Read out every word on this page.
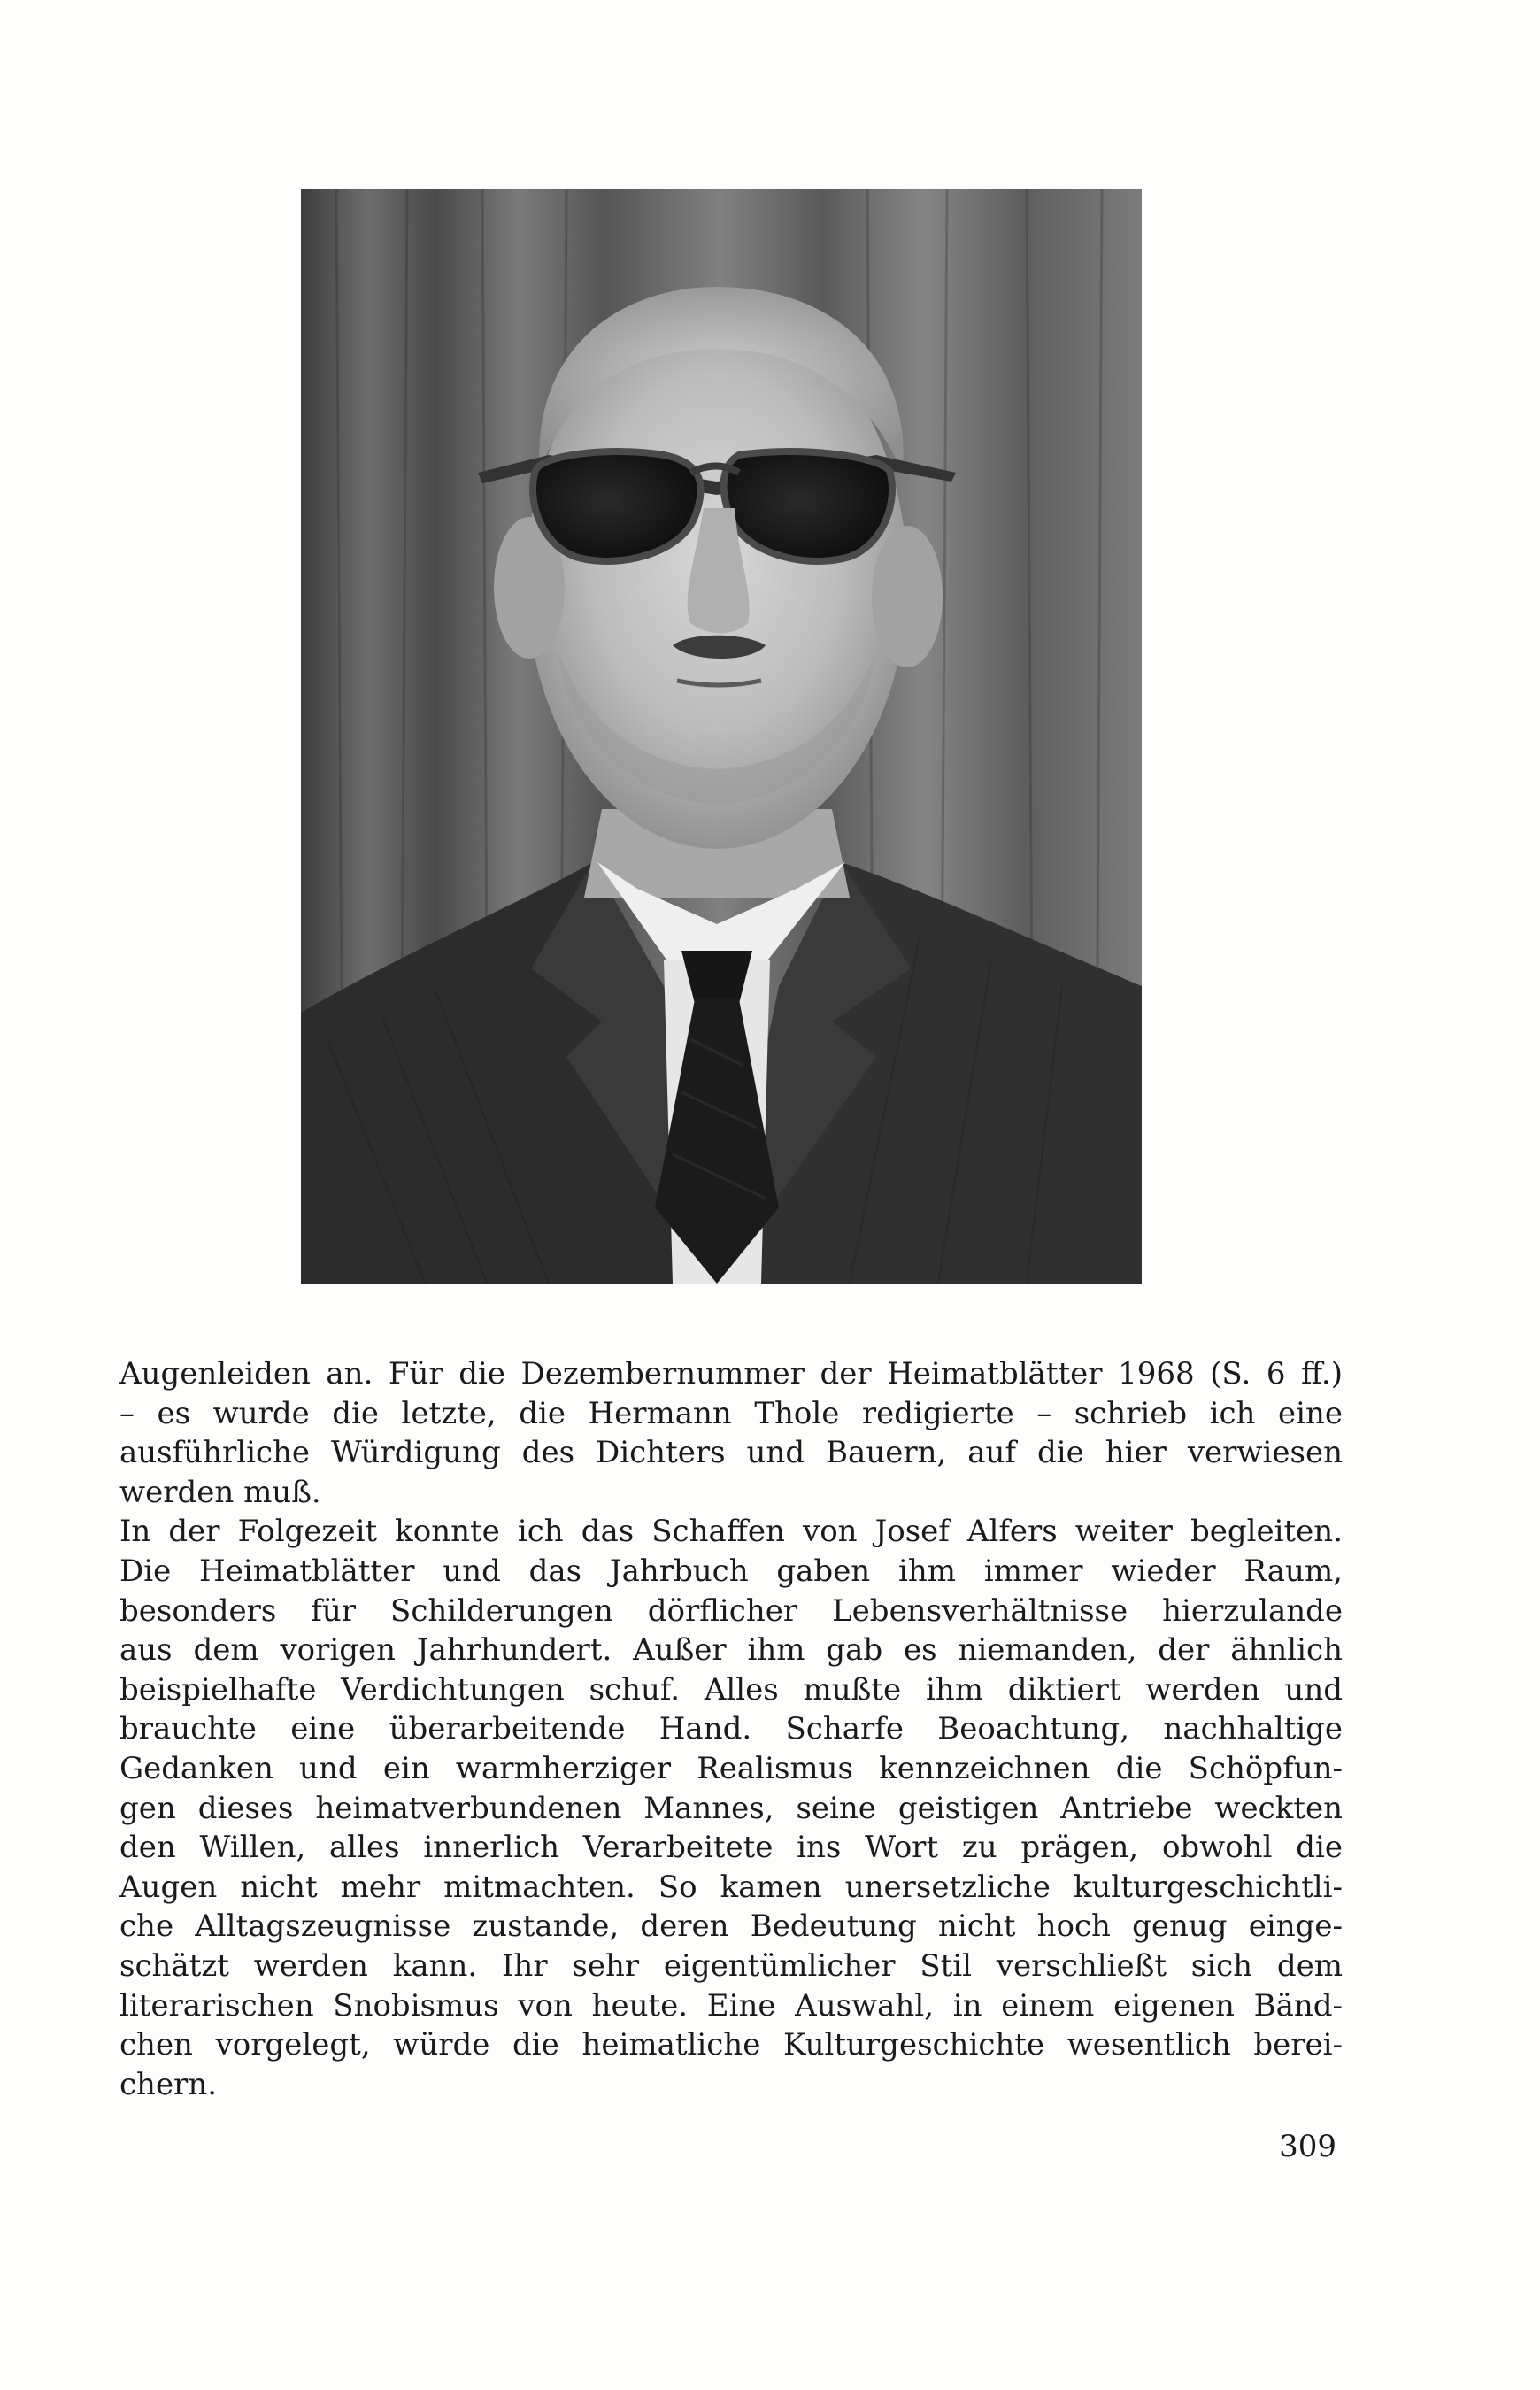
Augenleiden an. Für die Dezembernummer der Heimatblätter 1968 (S. 6 ff.)
– es wurde die letzte, die Hermann Thole redigierte – schrieb ich eine
ausführliche Würdigung des Dichters und Bauern, auf die hier verwiesen
werden muß.
In der Folgezeit konnte ich das Schaffen von Josef Alfers weiter begleiten.
Die Heimatblätter und das Jahrbuch gaben ihm immer wieder Raum,
besonders für Schilderungen dörflicher Lebensverhältnisse hierzulande
aus dem vorigen Jahrhundert. Außer ihm gab es niemanden, der ähnlich
beispielhafte Verdichtungen schuf. Alles mußte ihm diktiert werden und
brauchte eine überarbeitende Hand. Scharfe Beoachtung, nachhaltige
Gedanken und ein warmherziger Realismus kennzeichnen die Schöpfun-
gen dieses heimatverbundenen Mannes, seine geistigen Antriebe weckten
den Willen, alles innerlich Verarbeitete ins Wort zu prägen, obwohl die
Augen nicht mehr mitmachten. So kamen unersetzliche kulturgeschichtli-
che Alltagszeugnisse zustande, deren Bedeutung nicht hoch genug einge-
schätzt werden kann. Ihr sehr eigentümlicher Stil verschließt sich dem
literarischen Snobismus von heute. Eine Auswahl, in einem eigenen Bänd-
chen vorgelegt, würde die heimatliche Kulturgeschichte wesentlich berei-
chern.
309
